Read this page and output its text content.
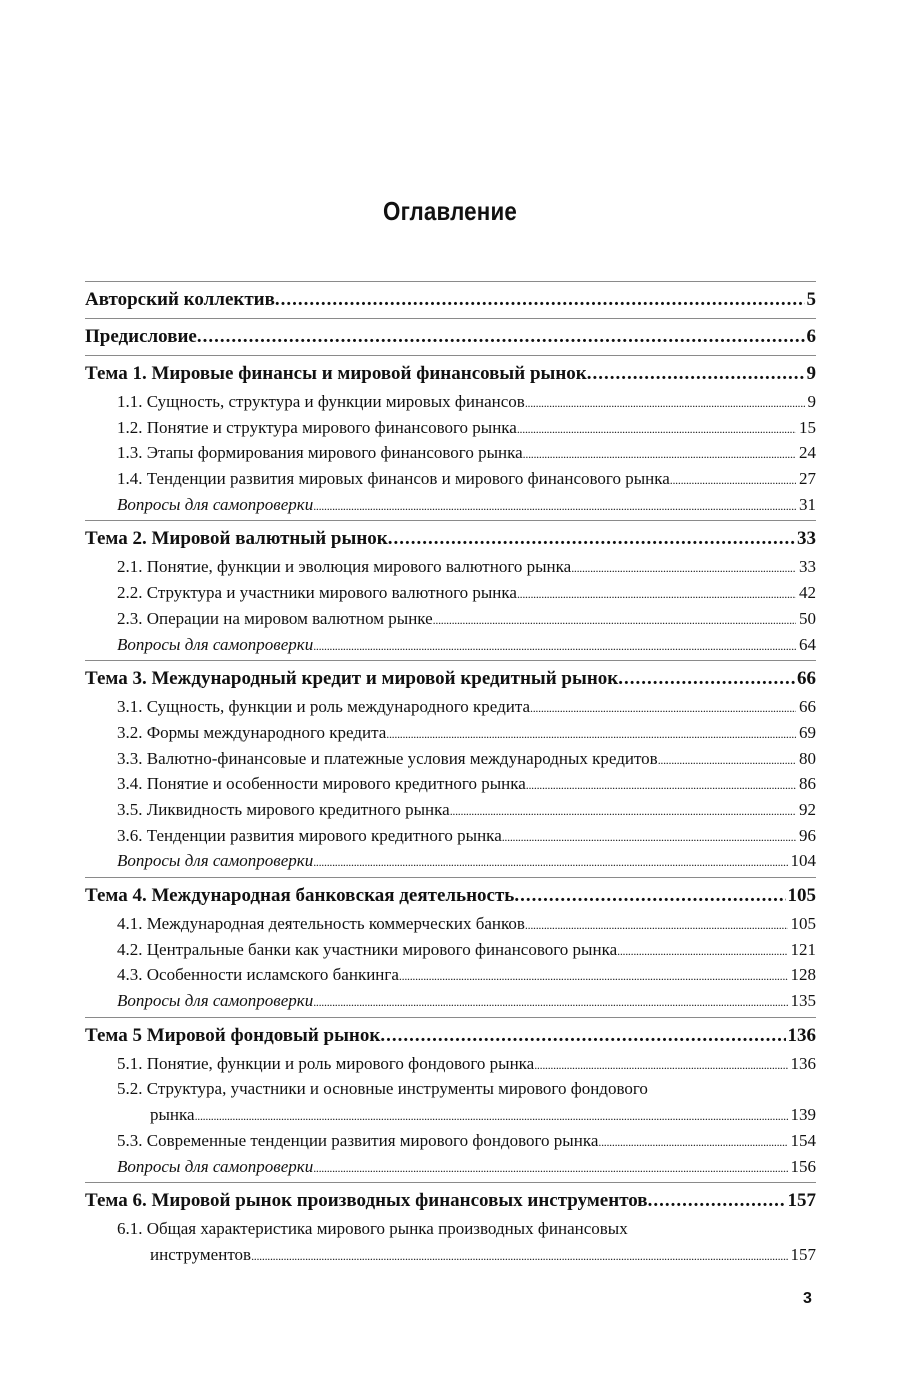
Оглавление
Авторский коллектив .....	5
Предисловие .....	6
Тема 1. Мировые финансы и мировой финансовый рынок .....	9
1.1. Сущность, структура и функции мировых финансов .....	9
1.2. Понятие и структура мирового финансового рынка .....	15
1.3. Этапы формирования мирового финансового рынка .....	24
1.4. Тенденции развития мировых финансов и мирового финансового рынка .....	27
Вопросы для самопроверки .....	31
Тема 2. Мировой валютный рынок .....	33
2.1. Понятие, функции и эволюция мирового валютного рынка .....	33
2.2. Структура и участники мирового валютного рынка .....	42
2.3. Операции на мировом валютном рынке .....	50
Вопросы для самопроверки .....	64
Тема 3. Международный кредит и мировой кредитный рынок .....	66
3.1. Сущность, функции и роль международного кредита .....	66
3.2. Формы международного кредита .....	69
3.3. Валютно-финансовые и платежные условия международных кредитов .....	80
3.4. Понятие и особенности мирового кредитного рынка .....	86
3.5. Ликвидность мирового кредитного рынка .....	92
3.6. Тенденции развития мирового кредитного рынка .....	96
Вопросы для самопроверки .....	104
Тема 4. Международная банковская деятельность .....	105
4.1. Международная деятельность коммерческих банков .....	105
4.2. Центральные банки как участники мирового финансового рынка .....	121
4.3. Особенности исламского банкинга .....	128
Вопросы для самопроверки .....	135
Тема 5 Мировой фондовый рынок .....	136
5.1. Понятие, функции и роль мирового фондового рынка .....	136
5.2. Структура, участники и основные инструменты мирового фондового
рынка .....	139
5.3. Современные тенденции развития мирового фондового рынка .....	154
Вопросы для самопроверки .....	156
Тема 6. Мировой рынок производных финансовых инструментов .....	157
6.1. Общая характеристика мирового рынка производных финансовых
инструментов .....	157
3
